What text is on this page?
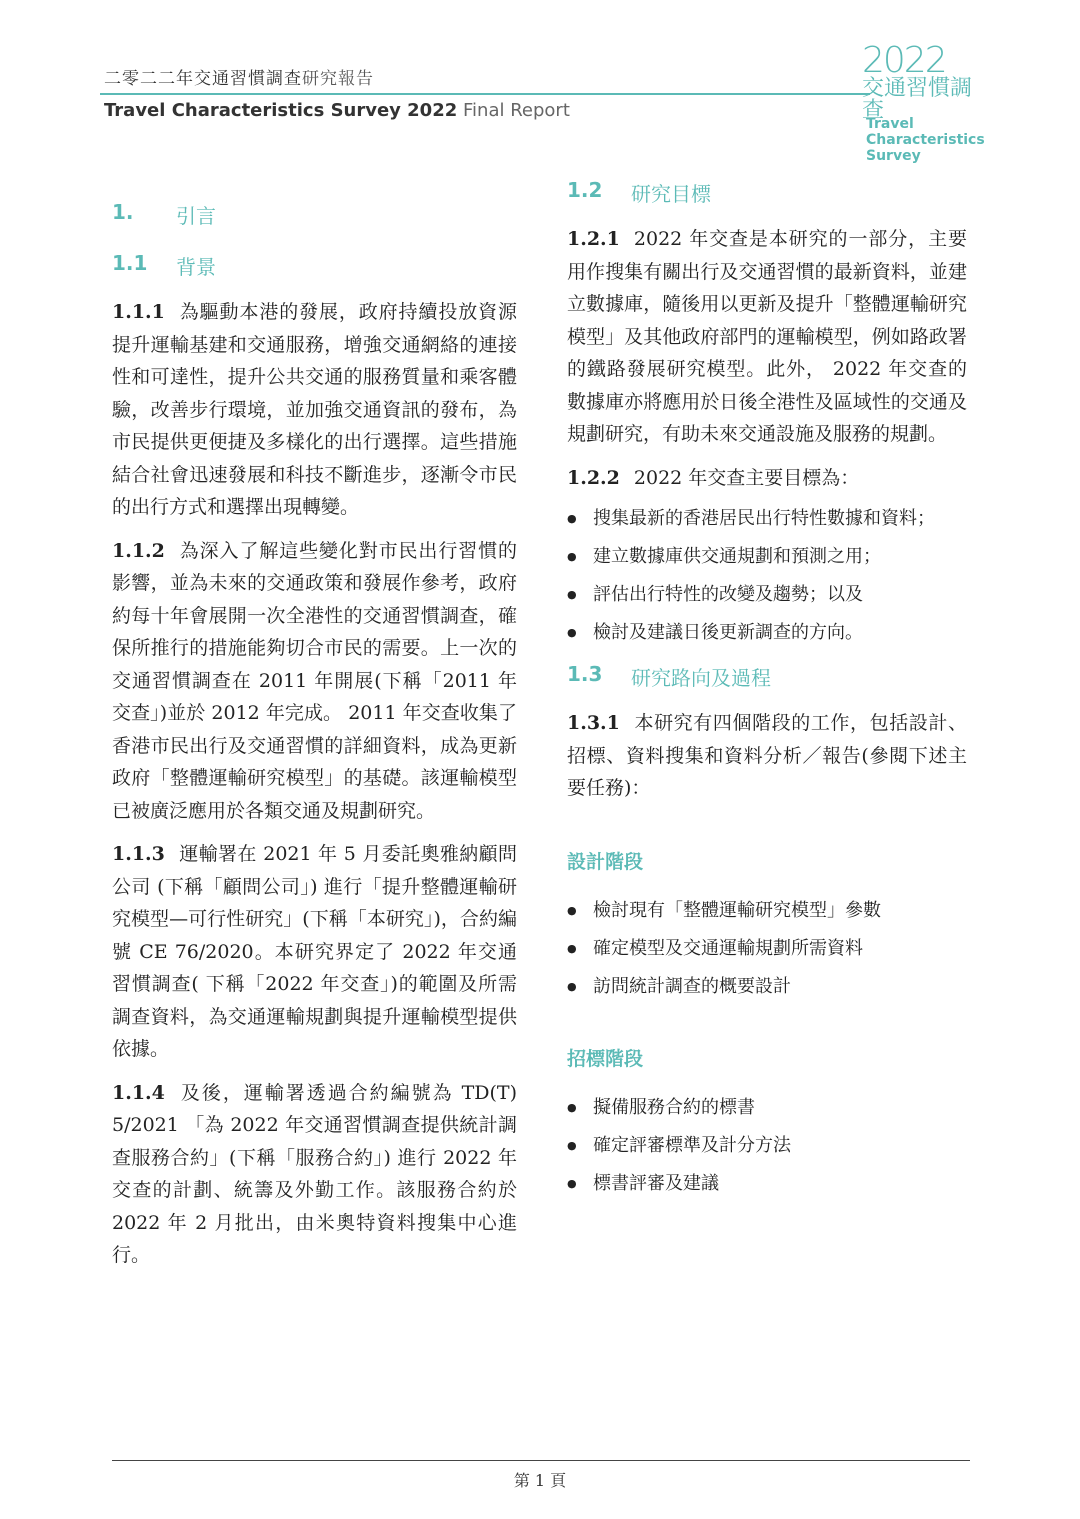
二零二二年交通習慣調查研究報告
Travel Characteristics Survey 2022 Final Report
2022
交通習慣調查
Travel
Characteristics
Survey
1.	引言
1.1	背景

1.1.1 為驅動本港的發展，政府持續投放資源提升運輸基建和交通服務，增強交通網絡的連接性和可達性，提升公共交通的服務質量和乘客體驗，改善步行環境，並加強交通資訊的發布，為市民提供更便捷及多樣化的出行選擇。這些措施結合社會迅速發展和科技不斷進步，逐漸令市民的出行方式和選擇出現轉變。

1.1.2 為深入了解這些變化對市民出行習慣的影響，並為未來的交通政策和發展作參考，政府約每十年會展開一次全港性的交通習慣調查，確保所推行的措施能夠切合市民的需要。上一次的交通習慣調查在 2011 年開展(下稱「2011 年交查」)並於 2012 年完成。 2011 年交查收集了香港市民出行及交通習慣的詳細資料，成為更新政府「整體運輸研究模型」的基礎。該運輸模型已被廣泛應用於各類交通及規劃研究。

1.1.3 運輸署在 2021 年 5 月委託奧雅納顧問公司 (下稱「顧問公司」) 進行「提升整體運輸研究模型—可行性研究」(下稱「本研究」)，合約編號 CE 76/2020。本研究界定了 2022 年交通習慣調查( 下稱「2022 年交查」)的範圍及所需調查資料，為交通運輸規劃與提升運輸模型提供依據。

1.1.4 及後，運輸署透過合約編號為 TD(T) 5/2021 「為 2022 年交通習慣調查提供統計調查服務合約」(下稱「服務合約」) 進行 2022 年交查的計劃、統籌及外勤工作。該服務合約於 2022 年 2 月批出，由米奧特資料搜集中心進行。

1.2	研究目標

1.2.1 2022 年交查是本研究的一部分，主要用作搜集有關出行及交通習慣的最新資料，並建立數據庫，隨後用以更新及提升「整體運輸研究模型」及其他政府部門的運輸模型，例如路政署的鐵路發展研究模型。此外， 2022 年交查的數據庫亦將應用於日後全港性及區域性的交通及規劃研究，有助未來交通設施及服務的規劃。

1.2.2 2022 年交查主要目標為：

● 搜集最新的香港居民出行特性數據和資料；
● 建立數據庫供交通規劃和預測之用；
● 評估出行特性的改變及趨勢；以及
● 檢討及建議日後更新調查的方向。
1.3	研究路向及過程

1.3.1 本研究有四個階段的工作，包括設計、招標、資料搜集和資料分析／報告(參閱下述主要任務)：

設計階段
● 檢討現有「整體運輸研究模型」參數
● 確定模型及交通運輸規劃所需資料
● 訪問統計調查的概要設計
招標階段
● 擬備服務合約的標書
● 確定評審標準及計分方法
● 標書評審及建議
第 1 頁
